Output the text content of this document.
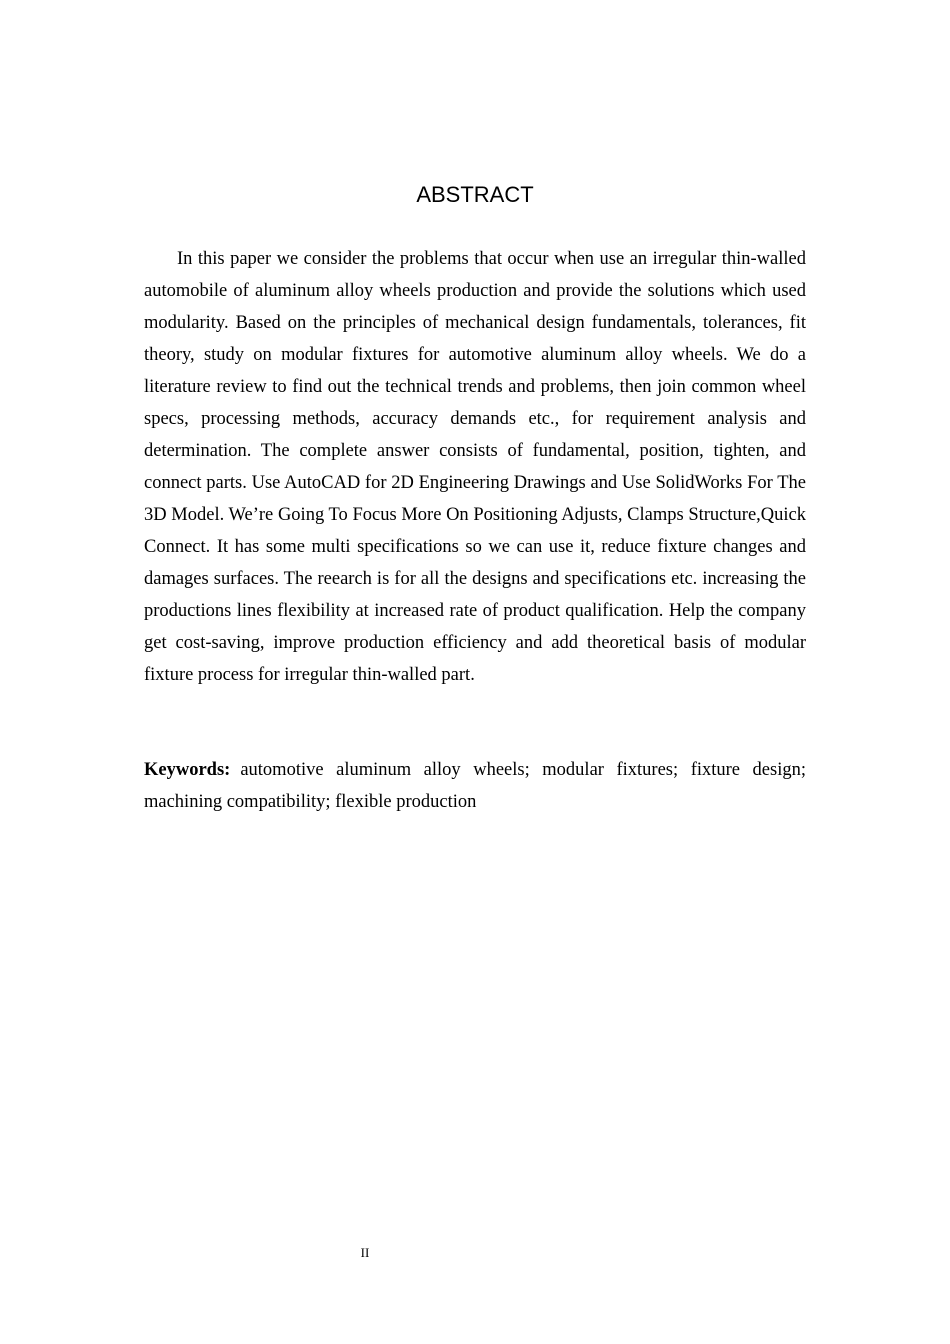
ABSTRACT

In this paper we consider the problems that occur when use an irregular thin-walled automobile of aluminum alloy wheels production and provide the solutions which used modularity. Based on the principles of mechanical design fundamentals, tolerances, fit theory, study on modular fixtures for automotive aluminum alloy wheels. We do a literature review to find out the technical trends and problems, then join common wheel specs, processing methods, accuracy demands etc., for requirement analysis and determination. The complete answer consists of fundamental, position, tighten, and connect parts. Use AutoCAD for 2D Engineering Drawings and Use SolidWorks For The 3D Model. We’re Going To Focus More On Positioning Adjusts, Clamps Structure,Quick Connect. It has some multi specifications so we can use it, reduce fixture changes and damages surfaces. The reearch is for all the designs and specifications etc. increasing the productions lines flexibility at increased rate of product qualification. Help the company get cost-saving, improve production efficiency and add theoretical basis of modular fixture process for irregular thin-walled part.

Keywords: automotive aluminum alloy wheels; modular fixtures; fixture design; machining compatibility; flexible production

II
